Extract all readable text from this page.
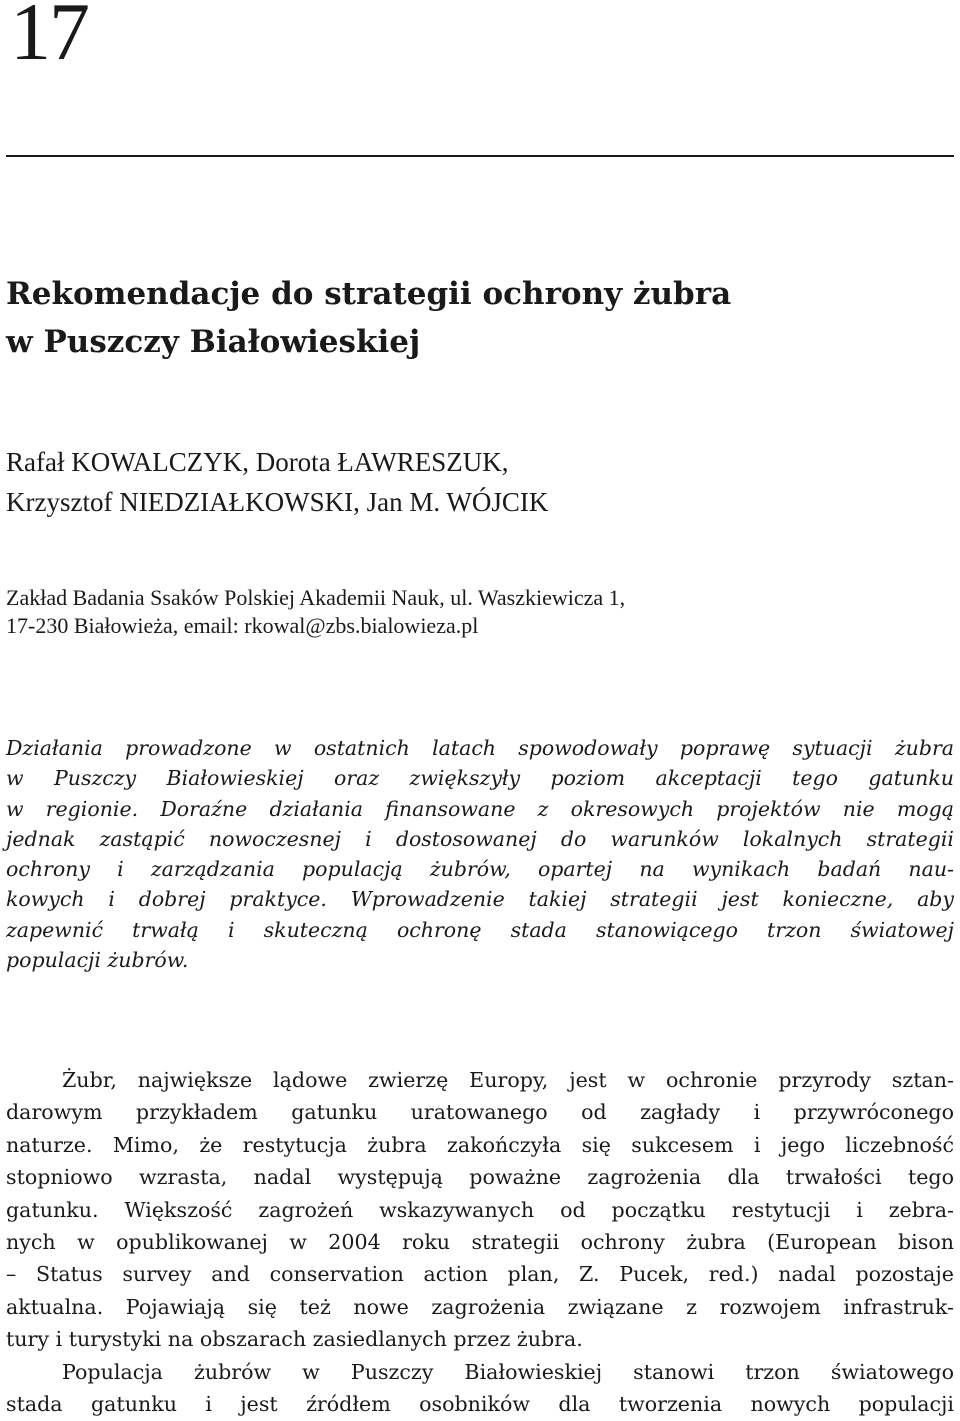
17
Rekomendacje do strategii ochrony żubra
w Puszczy Białowieskiej
Rafał KOWALCZYK, Dorota ŁAWRESZUK,
Krzysztof NIEDZIAŁKOWSKI, Jan M. WÓJCIK
Zakład Badania Ssaków Polskiej Akademii Nauk, ul. Waszkiewicza 1,
17-230 Białowieża, email: rkowal@zbs.bialowieza.pl
Działania prowadzone w ostatnich latach spowodowały poprawę sytuacji żubra
w Puszczy Białowieskiej oraz zwiększyły poziom akceptacji tego gatunku
w regionie. Doraźne działania finansowane z okresowych projektów nie mogą
jednak zastąpić nowoczesnej i dostosowanej do warunków lokalnych strategii
ochrony i zarządzania populacją żubrów, opartej na wynikach badań nau-
kowych i dobrej praktyce. Wprowadzenie takiej strategii jest konieczne, aby
zapewnić trwałą i skuteczną ochronę stada stanowiącego trzon światowej
populacji żubrów.
Żubr, największe lądowe zwierzę Europy, jest w ochronie przyrody sztan-
darowym przykładem gatunku uratowanego od zagłady i przywróconego
naturze. Mimo, że restytucja żubra zakończyła się sukcesem i jego liczebność
stopniowo wzrasta, nadal występują poważne zagrożenia dla trwałości tego
gatunku. Większość zagrożeń wskazywanych od początku restytucji i zebra-
nych w opublikowanej w 2004 roku strategii ochrony żubra (European bison
– Status survey and conservation action plan, Z. Pucek, red.) nadal pozostaje
aktualna. Pojawiają się też nowe zagrożenia związane z rozwojem infrastruk-
tury i turystyki na obszarach zasiedlanych przez żubra.
Populacja żubrów w Puszczy Białowieskiej stanowi trzon światowego
stada gatunku i jest źródłem osobników dla tworzenia nowych populacji
